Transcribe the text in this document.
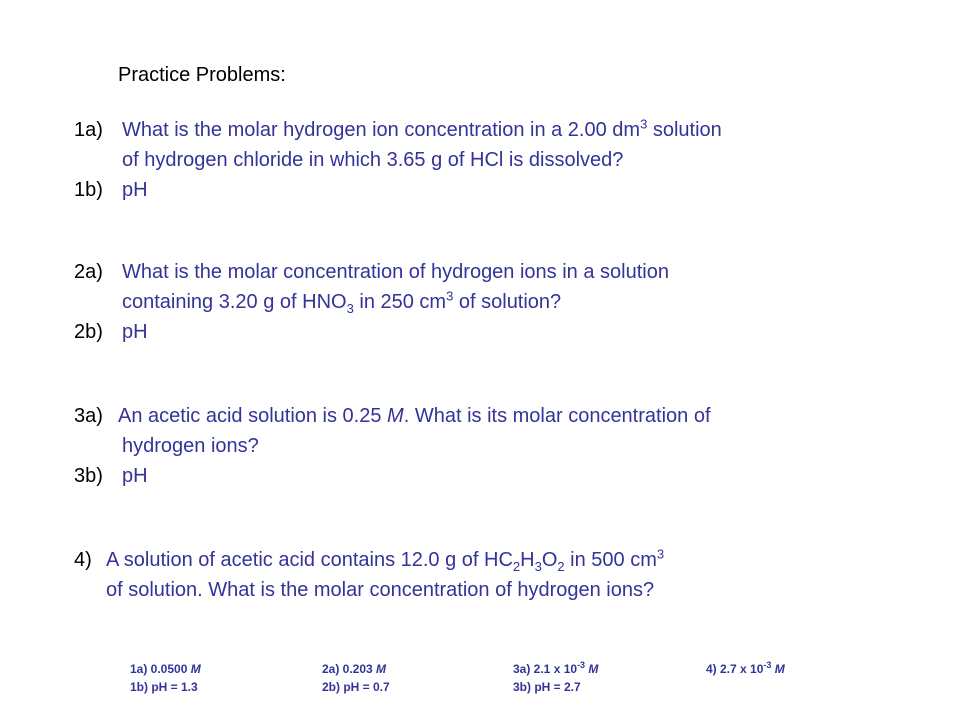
Practice Problems:
1a) What is the molar hydrogen ion concentration in a 2.00 $dm^3$ solution
of hydrogen chloride in which 3.65 g of HCl is dissolved?
1b) pH
2a) What is the molar concentration of hydrogen ions in a solution
containing 3.20 g of $HNO_3$ in 250 $cm^3$ of solution?
2b) pH
3a) An acetic acid solution is 0.25 M. What is its molar concentration of
hydrogen ions?
3b) pH
4) A solution of acetic acid contains 12.0 g of $HC_2H_3O_2$ in 500 $cm^3$
of solution. What is the molar concentration of hydrogen ions?
1a) 0.0500 M
1b) pH = 1.3
2a) 0.203 M
2b) pH = 0.7
3a) 2.1 x $10^{-3}$ M
3b) pH = 2.7
4) 2.7 x $10^{-3}$ M
